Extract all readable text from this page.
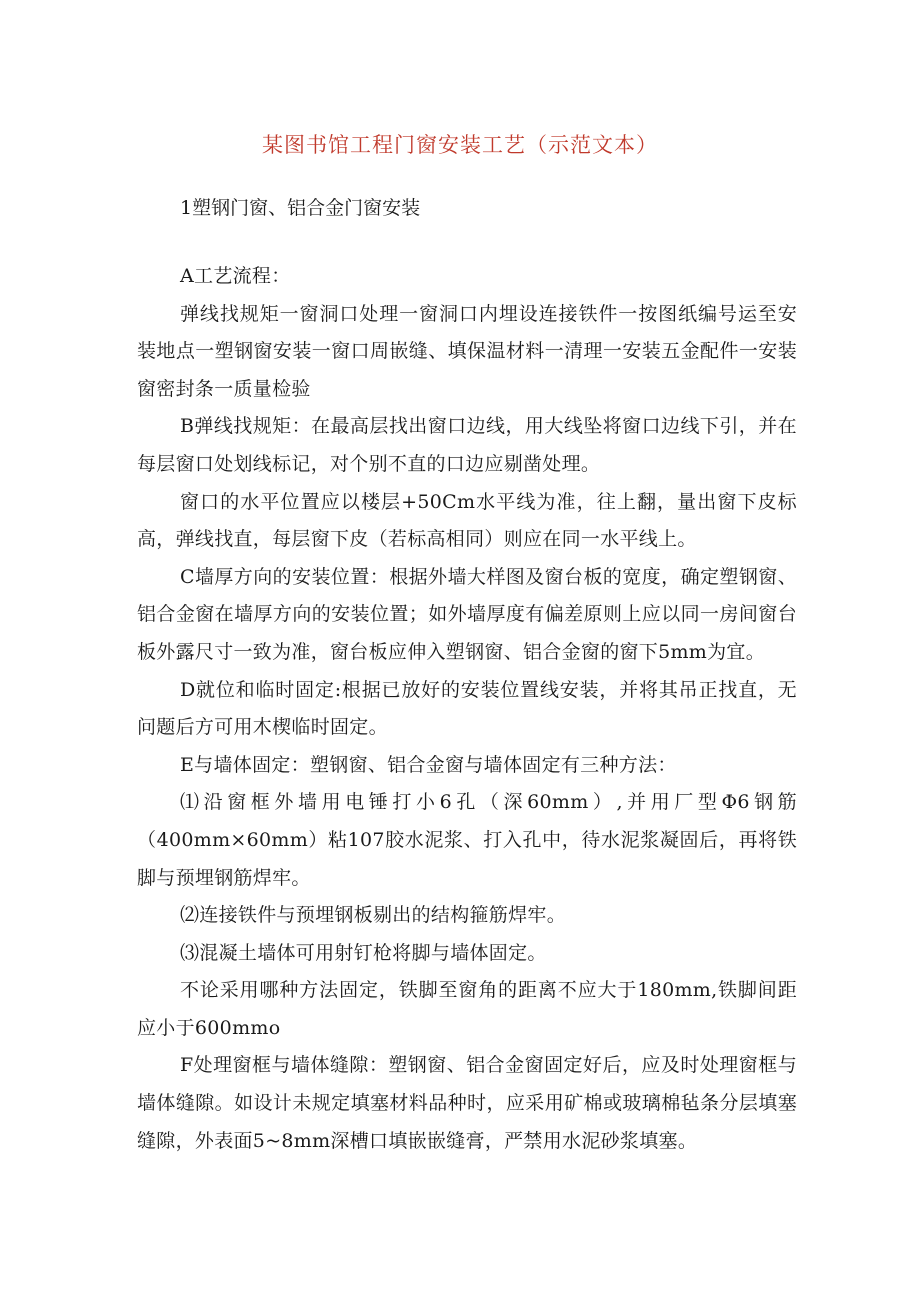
某图书馆工程门窗安装工艺（示范文本）
1塑钢门窗、铝合金门窗安装

A工艺流程：

弹线找规矩一窗洞口处理一窗洞口内埋设连接铁件一按图纸编号运至安装地点一塑钢窗安装一窗口周嵌缝、填保温材料一清理一安装五金配件一安装窗密封条一质量检验

B弹线找规矩：在最高层找出窗口边线，用大线坠将窗口边线下引，并在每层窗口处划线标记，对个别不直的口边应剔凿处理。

窗口的水平位置应以楼层+50Cm水平线为准，往上翻，量出窗下皮标高，弹线找直，每层窗下皮（若标高相同）则应在同一水平线上。

C墙厚方向的安装位置：根据外墙大样图及窗台板的宽度，确定塑钢窗、铝合金窗在墙厚方向的安装位置；如外墙厚度有偏差原则上应以同一房间窗台板外露尺寸一致为准，窗台板应伸入塑钢窗、铝合金窗的窗下5mm为宜。

D就位和临时固定:根据已放好的安装位置线安装，并将其吊正找直，无问题后方可用木楔临时固定。

E与墙体固定：塑钢窗、铝合金窗与墙体固定有三种方法：

⑴沿窗框外墙用电锤打小6孔（深60mm）,并用厂型Φ6钢筋（400mm×60mm）粘107胶水泥浆、打入孔中，待水泥浆凝固后，再将铁脚与预埋钢筋焊牢。

⑵连接铁件与预埋钢板剔出的结构箍筋焊牢。

⑶混凝土墙体可用射钉枪将脚与墙体固定。

不论采用哪种方法固定，铁脚至窗角的距离不应大于180mm,铁脚间距应小于600mmo

F处理窗框与墙体缝隙：塑钢窗、铝合金窗固定好后，应及时处理窗框与墙体缝隙。如设计未规定填塞材料品种时，应采用矿棉或玻璃棉毡条分层填塞缝隙，外表面5~8mm深槽口填嵌嵌缝膏，严禁用水泥砂浆填塞。
